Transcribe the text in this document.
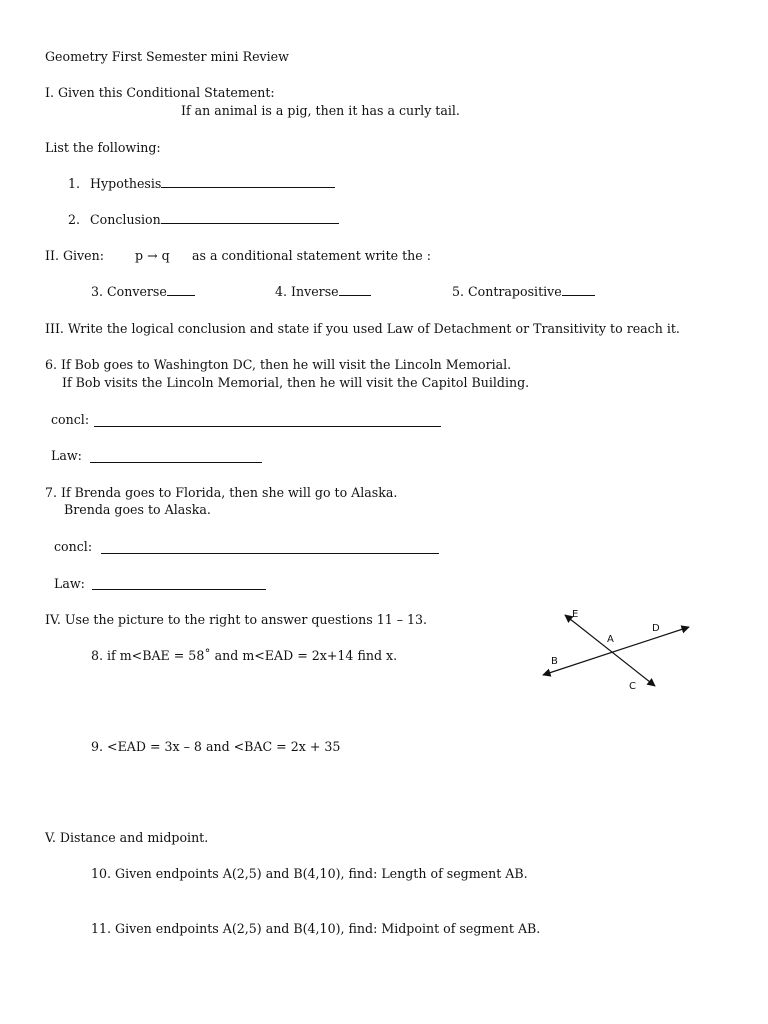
Geometry First Semester mini Review
I. Given this Conditional Statement:
If an animal is a pig, then it has a curly tail.
List the following:
1. Hypothesis
2. Conclusion
II. Given: p → q as a conditional statement write the :
3. Converse	4. Inverse	5. Contrapositive
III. Write the logical conclusion and state if you used Law of Detachment or Transitivity to reach it.
6. If Bob goes to Washington DC, then he will visit the Lincoln Memorial.
If Bob visits the Lincoln Memorial, then he will visit the Capitol Building.
concl:
Law:
7. If Brenda goes to Florida, then she will go to Alaska.
Brenda goes to Alaska.
concl:
Law:
IV. Use the picture to the right to answer questions 11 – 13.
8. if m<BAE = 58˚ and m<EAD = 2x+14 find x.
9. <EAD = 3x – 8 and <BAC = 2x + 35
E
D
A
B
C
V. Distance and midpoint.
10. Given endpoints A(2,5) and B(4,10), find: Length of segment AB.
11. Given endpoints A(2,5) and B(4,10), find: Midpoint of segment AB.
